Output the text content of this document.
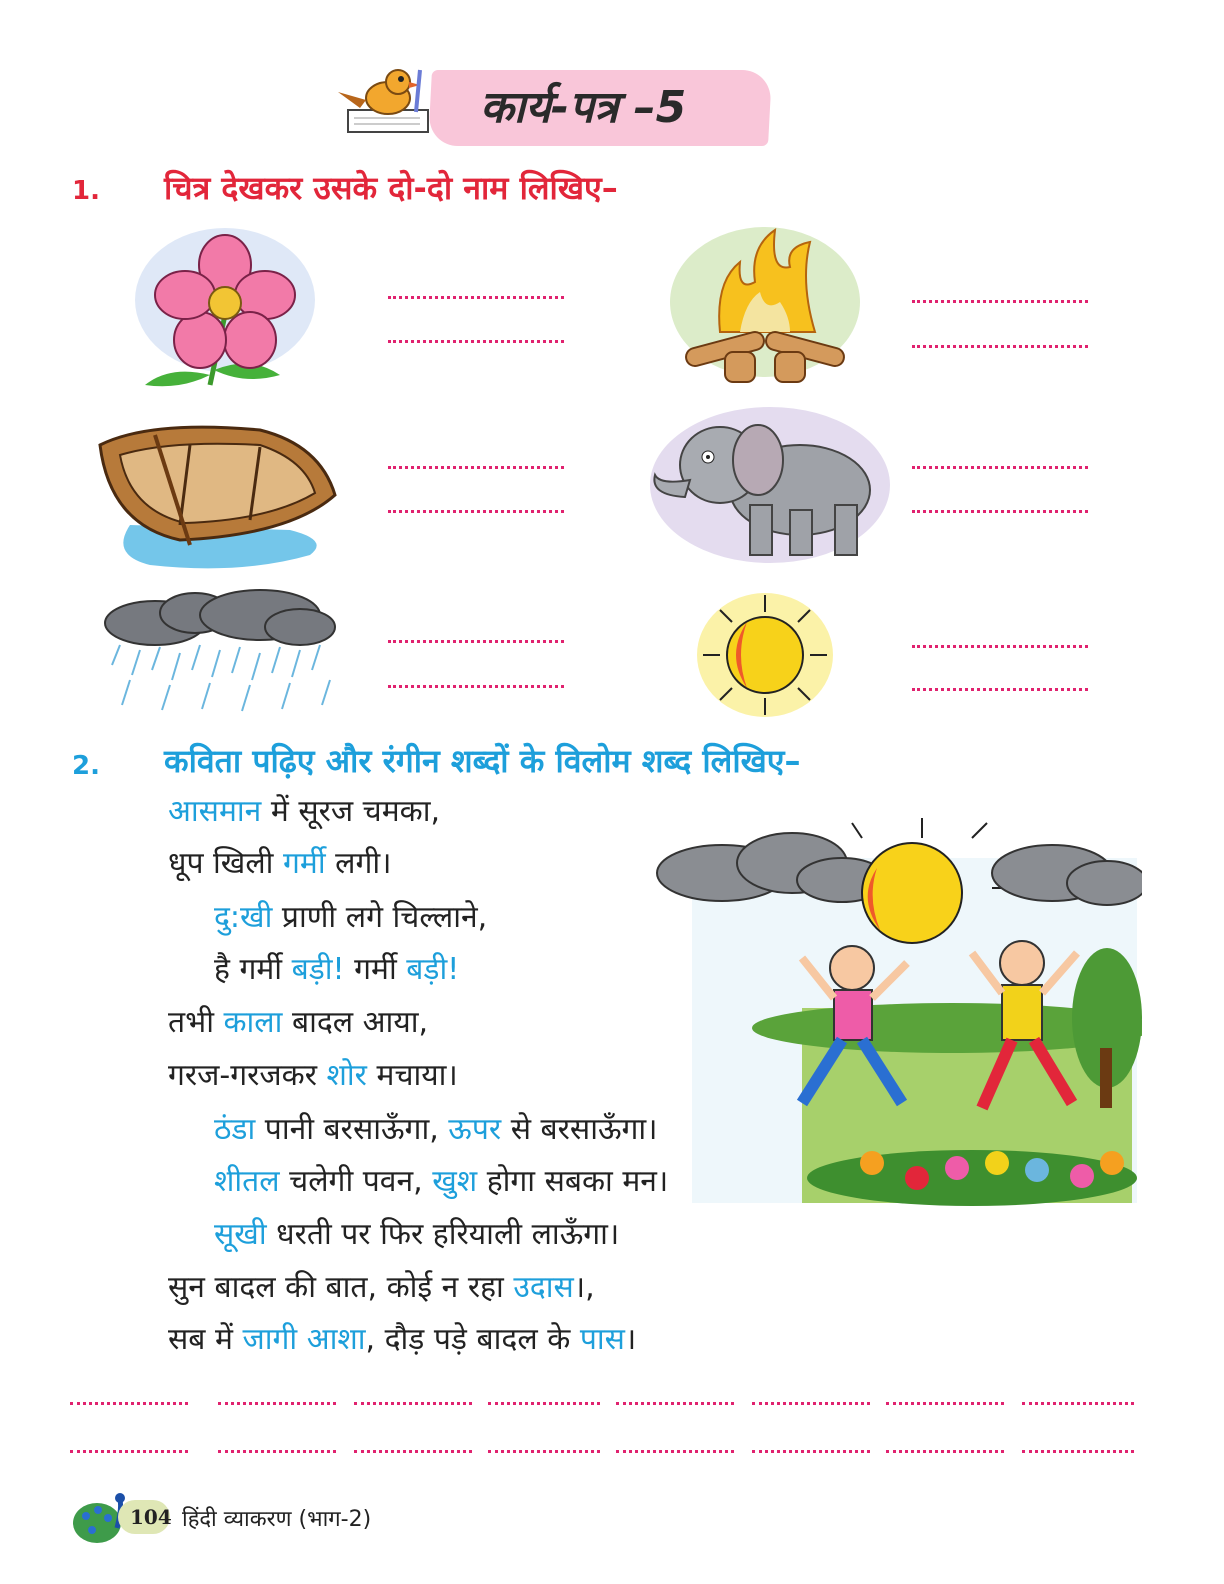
कार्य-पत्र –5
1. चित्र देखकर उसके दो-दो नाम लिखिए–
2. कविता पढ़िए और रंगीन शब्दों के विलोम शब्द लिखिए–
आसमान में सूरज चमका,
धूप खिली गर्मी लगी।
दु:खी प्राणी लगे चिल्लाने,
है गर्मी बड़ी! गर्मी बड़ी!
तभी काला बादल आया,
गरज-गरजकर शोर मचाया।
ठंडा पानी बरसाऊँगा, ऊपर से बरसाऊँगा।
शीतल चलेगी पवन, खुश होगा सबका मन।
सूखी धरती पर फिर हरियाली लाऊँगा।
सुन बादल की बात, कोई न रहा उदास।,
सब में जागी आशा, दौड़ पड़े बादल के पास।
104 हिंदी व्याकरण (भाग-2)
